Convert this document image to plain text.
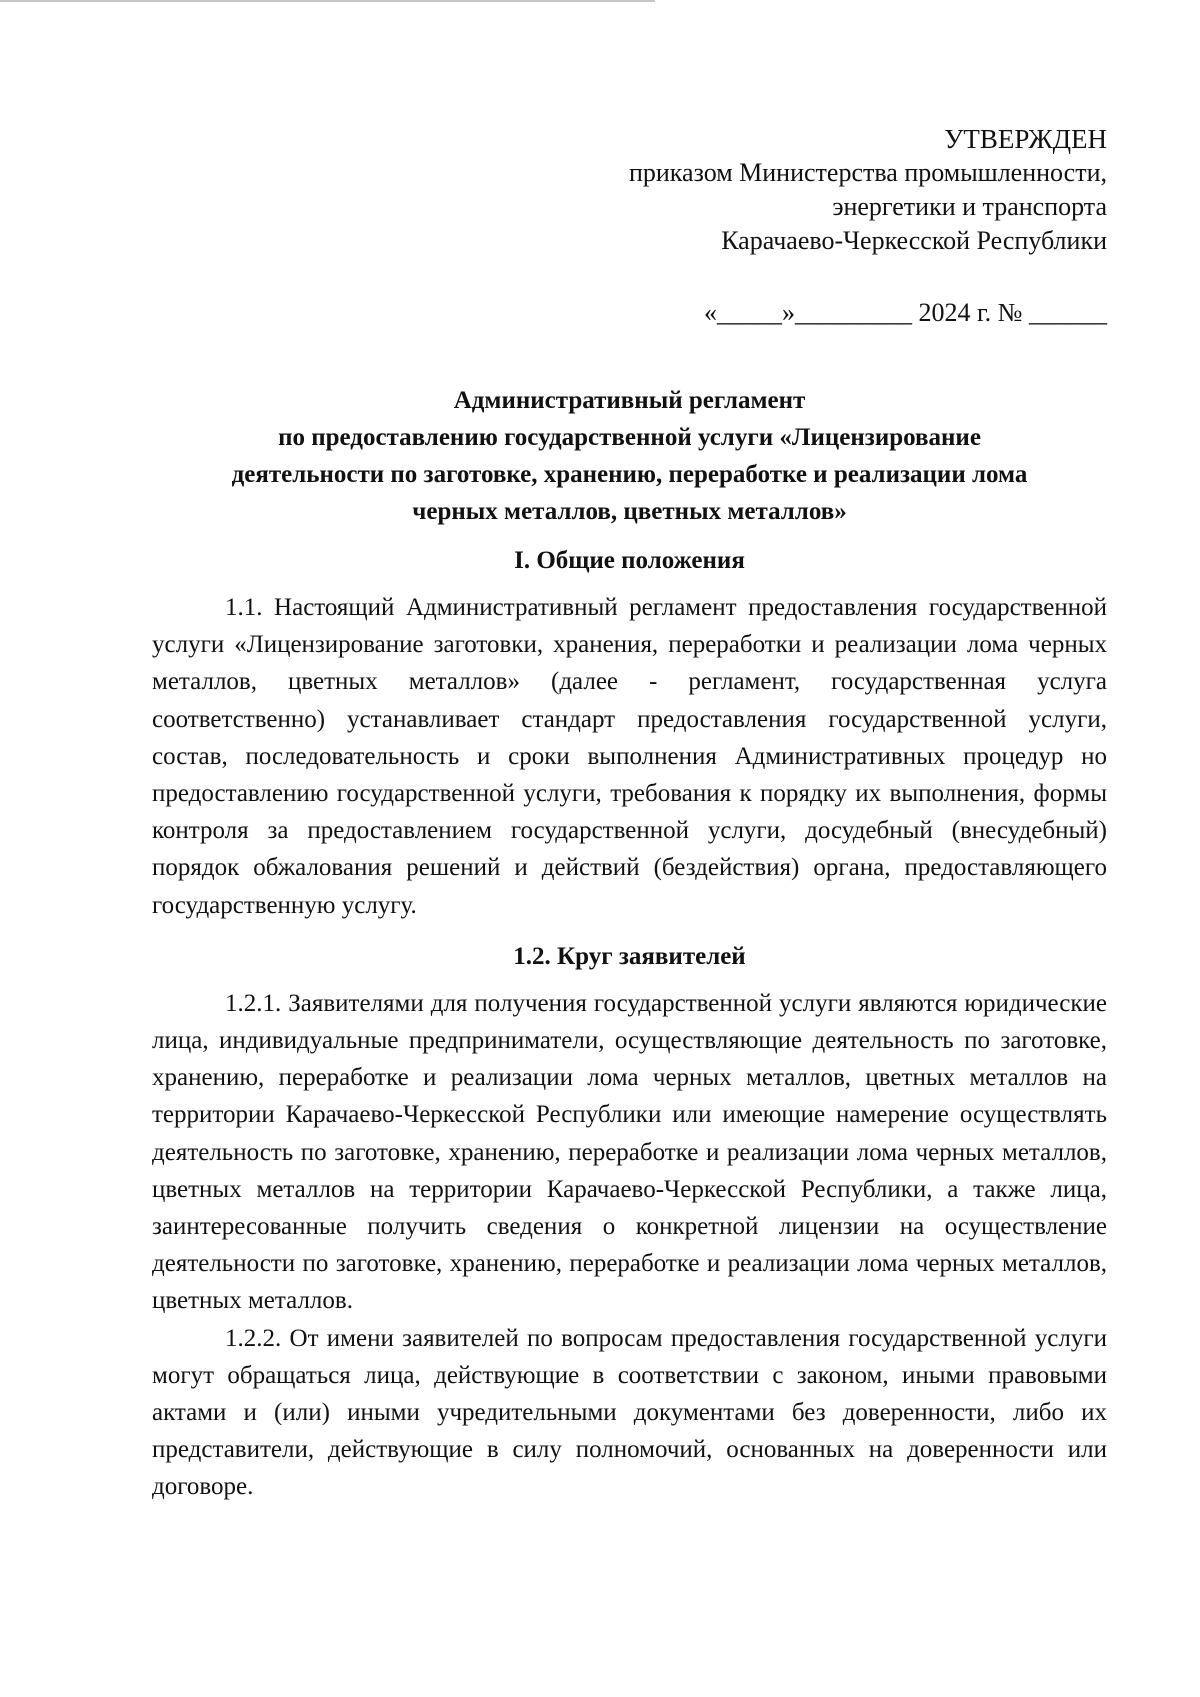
УТВЕРЖДЕН
приказом Министерства промышленности,
энергетики и транспорта
Карачаево-Черкесской Республики
«_____»_________ 2024 г. № ______
Административный регламент
по предоставлению государственной услуги «Лицензирование
деятельности по заготовке, хранению, переработке и реализации лома
черных металлов, цветных металлов»
I. Общие положения

1.1. Настоящий Административный регламент предоставления государственной услуги «Лицензирование заготовки, хранения, переработки и реализации лома черных металлов, цветных металлов» (далее - регламент, государственная услуга соответственно) устанавливает стандарт предоставления государственной услуги, состав, последовательность и сроки выполнения Административных процедур но предоставлению государственной услуги, требования к порядку их выполнения, формы контроля за предоставлением государственной услуги, досудебный (внесудебный) порядок обжалования решений и действий (бездействия) органа, предоставляющего государственную услугу.

1.2. Круг заявителей

1.2.1. Заявителями для получения государственной услуги являются юридические лица, индивидуальные предприниматели, осуществляющие деятельность по заготовке, хранению, переработке и реализации лома черных металлов, цветных металлов на территории Карачаево-Черкесской Республики или имеющие намерение осуществлять деятельность по заготовке, хранению, переработке и реализации лома черных металлов, цветных металлов на территории Карачаево-Черкесской Республики, а также лица, заинтересованные получить сведения о конкретной лицензии на осуществление деятельности по заготовке, хранению, переработке и реализации лома черных металлов, цветных металлов.

1.2.2. От имени заявителей по вопросам предоставления государственной услуги могут обращаться лица, действующие в соответствии с законом, иными правовыми актами и (или) иными учредительными документами без доверенности, либо их представители, действующие в силу полномочий, основанных на доверенности или договоре.
